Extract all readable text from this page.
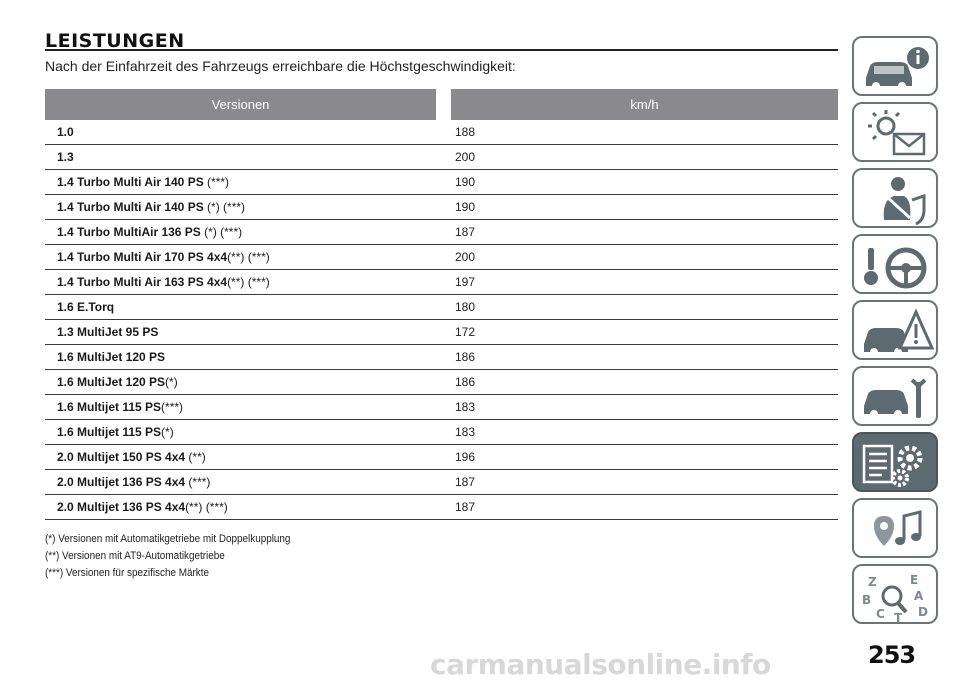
LEISTUNGEN
Nach der Einfahrzeit des Fahrzeugs erreichbare die Höchstgeschwindigkeit:
Versionen		km/h
1.0		188
1.3		200
1.4 Turbo Multi Air 140 PS (***)		190
1.4 Turbo Multi Air 140 PS (*) (***)		190
1.4 Turbo MultiAir 136 PS (*) (***)		187
1.4 Turbo Multi Air 170 PS 4x4(**) (***)		200
1.4 Turbo Multi Air 163 PS 4x4(**) (***)		197
1.6 E.Torq		180
1.3 MultiJet 95 PS		172
1.6 MultiJet 120 PS		186
1.6 MultiJet 120 PS(*)		186
1.6 Multijet 115 PS(***)		183
1.6 Multijet 115 PS(*)		183
2.0 Multijet 150 PS 4x4 (**)		196
2.0 Multijet 136 PS 4x4 (***)		187
2.0 Multijet 136 PS 4x4(**) (***)		187
(*) Versionen mit Automatikgetriebe mit Doppelkupplung
(**) Versionen mit AT9-Automatikgetriebe
(***) Versionen für spezifische Märkte
Z	E
B	A
C T D
253
carmanualsonline.info
